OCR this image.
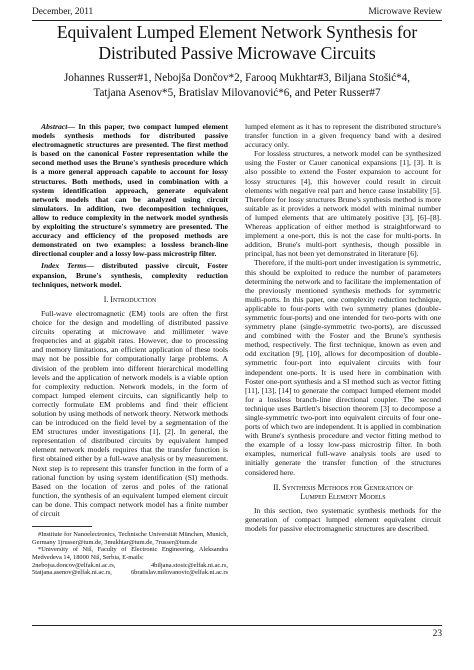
December, 2011	Microwave Review
Equivalent Lumped Element Network Synthesis for
Distributed Passive Microwave Circuits
Johannes Russer#1, Nebojša Dončov*2, Farooq Mukhtar#3, Biljana Stošić*4,
Tatjana Asenov*5, Bratislav Milovanović*6, and Peter Russer#7

Abstract— In this paper, two compact lumped element models synthesis methods for distributed passive electromagnetic structures are presented. The first method is based on the canonical Foster representation while the second method uses the Brune's synthesis procedure which is a more general approach capable to account for lossy structures. Both methods, used in combination with a system identification approach, generate equivalent network models that can be analyzed using circuit simulators. In addition, two decomposition techniques, allow to reduce complexity in the network model synthesis by exploiting the structure's symmetry are presented. The accuracy and efficiency of the proposed methods are demonstrated on two examples: a lossless branch-line directional coupler and a lossy low-pass microstrip filter.

Index Terms— distributed passive circuit, Foster expansion, Brune's synthesis, complexity reduction techniques, network model.

I. Introduction

Full-wave electromagnetic (EM) tools are often the first choice for the design and modelling of distributed passive circuits operating at microwave and millimeter wave frequencies and at gigabit rates. However, due to processing and memory limitations, an efficient application of these tools may not be possible for computationally large problems. A division of the problem into different hierarchical modelling levels and the application of network models is a viable option for complexity reduction. Network models, in the form of compact lumped element circuits, can significantly help to correctly formulate EM problems and find their efficient solution by using methods of network theory. Network methods can be introduced on the field level by a segmentation of the EM structures under investigations [1], [2]. In general, the representation of distributed circuits by equivalent lumped element network models requires that the transfer function is first obtained either by a full-wave analysis or by measurement. Next step is to represent this transfer function in the form of a rational function by using system identification (SI) methods. Based on the location of zeros and poles of the rational function, the synthesis of an equivalent lumped element circuit can be done. This compact network model has a finite number of circuit

#Institute for Nanoelectronics, Technische Universität München, Munich, Germany 1jrusser@tum.de, 3mukhtar@tum.de, 7russer@tum.de

*University of Niš, Faculty of Electronic Engineering, Aleksandra Medvedeva 14, 18000 Niš, Serbia, E-mails:

2nebojsa.doncov@elfak.ni.ac.rs,	4biljana.stosic@elfak.ni.ac.rs,
5tatjana.asenov@elfak.ni.ac.rs,	6bratislav.milovanovic@elfak.ni.ac.rs

lumped element as it has to represent the distributed structure's transfer function in a given frequency band with a desired accuracy only.

For lossless structures, a network model can be synthesized using the Foster or Cauer canonical expansions [1], [3]. It is also possible to extend the Foster expansion to account for lossy structures [4], this however could result in circuit elements with negative real part and hence cause instability [5]. Therefore for lossy structures Brune's synthesis method is more suitable as it provides a network model with minimal number of lumped elements that are ultimately positive [3], [6]–[8]. Whereas application of either method is straightforward to implement a one-port, this is not the case for multi-ports. In addition, Brune's multi-port synthesis, though possible in principal, has not been yet demonstrated in literature [6].

Therefore, if the multi-port under investigation is symmetric, this should be exploited to reduce the number of parameters determining the network and to facilitate the implementation of the previously mentioned synthesis methods for symmetric multi-ports. In this paper, one complexity reduction technique, applicable to four-ports with two symmetry planes (double-symmetric four-ports) and one intended for two-ports with one symmetry plane (single-symmetric two-ports), are discussed and combined with the Foster and the Brune's synthesis method, respectively. The first technique, known as even and odd excitation [9], [10], allows for decomposition of double-symmetric four-port into equivalent circuits with four independent one-ports. It is used here in combination with Foster one-port synthesis and a SI method such as vector fitting [11], [13], [14] to generate the compact lumped element model for a lossless branch-line directional coupler. The second technique uses Bartlett's bisection theorem [3] to decompose a single-symmetric two-port into equivalent circuits of four one-ports of which two are independent. It is applied in combination with Brune's synthesis procedure and vector fitting method to the example of a lossy low-pass microstrip filter. In both examples, numerical full-wave analysis tools are used to initially generate the transfer function of the structures considered here.

II. Synthesis Methods for Generation of
Lumped Element Models

In this section, two systematic synthesis methods for the generation of compact lumped element equivalent circuit models for passive electromagnetic structures are described.

23
